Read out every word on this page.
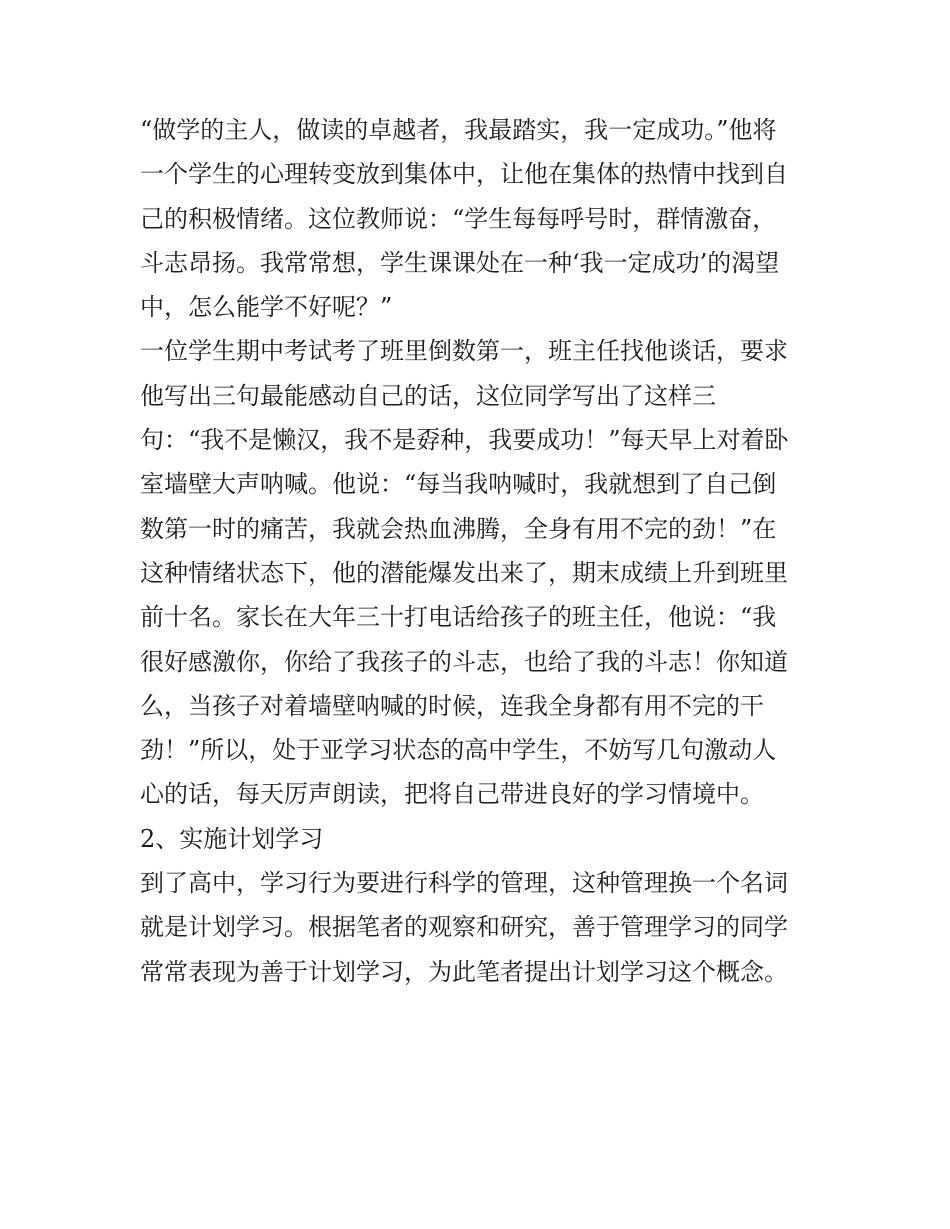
“做学的主人，做读的卓越者，我最踏实，我一定成功。”他将
一个学生的心理转变放到集体中，让他在集体的热情中找到自
己的积极情绪。这位教师说：“学生每每呼号时，群情激奋，
斗志昂扬。我常常想，学生课课处在一种‘我一定成功’的渴望
中，怎么能学不好呢？”
一位学生期中考试考了班里倒数第一，班主任找他谈话，要求
他写出三句最能感动自己的话，这位同学写出了这样三
句：“我不是懒汉，我不是孬种，我要成功！”每天早上对着卧
室墙壁大声呐喊。他说：“每当我呐喊时，我就想到了自己倒
数第一时的痛苦，我就会热血沸腾，全身有用不完的劲！”在
这种情绪状态下，他的潜能爆发出来了，期末成绩上升到班里
前十名。家长在大年三十打电话给孩子的班主任，他说：“我
很好感激你，你给了我孩子的斗志，也给了我的斗志！你知道
么，当孩子对着墙壁呐喊的时候，连我全身都有用不完的干
劲！”所以，处于亚学习状态的高中学生，不妨写几句激动人
心的话，每天厉声朗读，把将自己带进良好的学习情境中。
2、实施计划学习
到了高中，学习行为要进行科学的管理，这种管理换一个名词
就是计划学习。根据笔者的观察和研究，善于管理学习的同学
常常表现为善于计划学习，为此笔者提出计划学习这个概念。
